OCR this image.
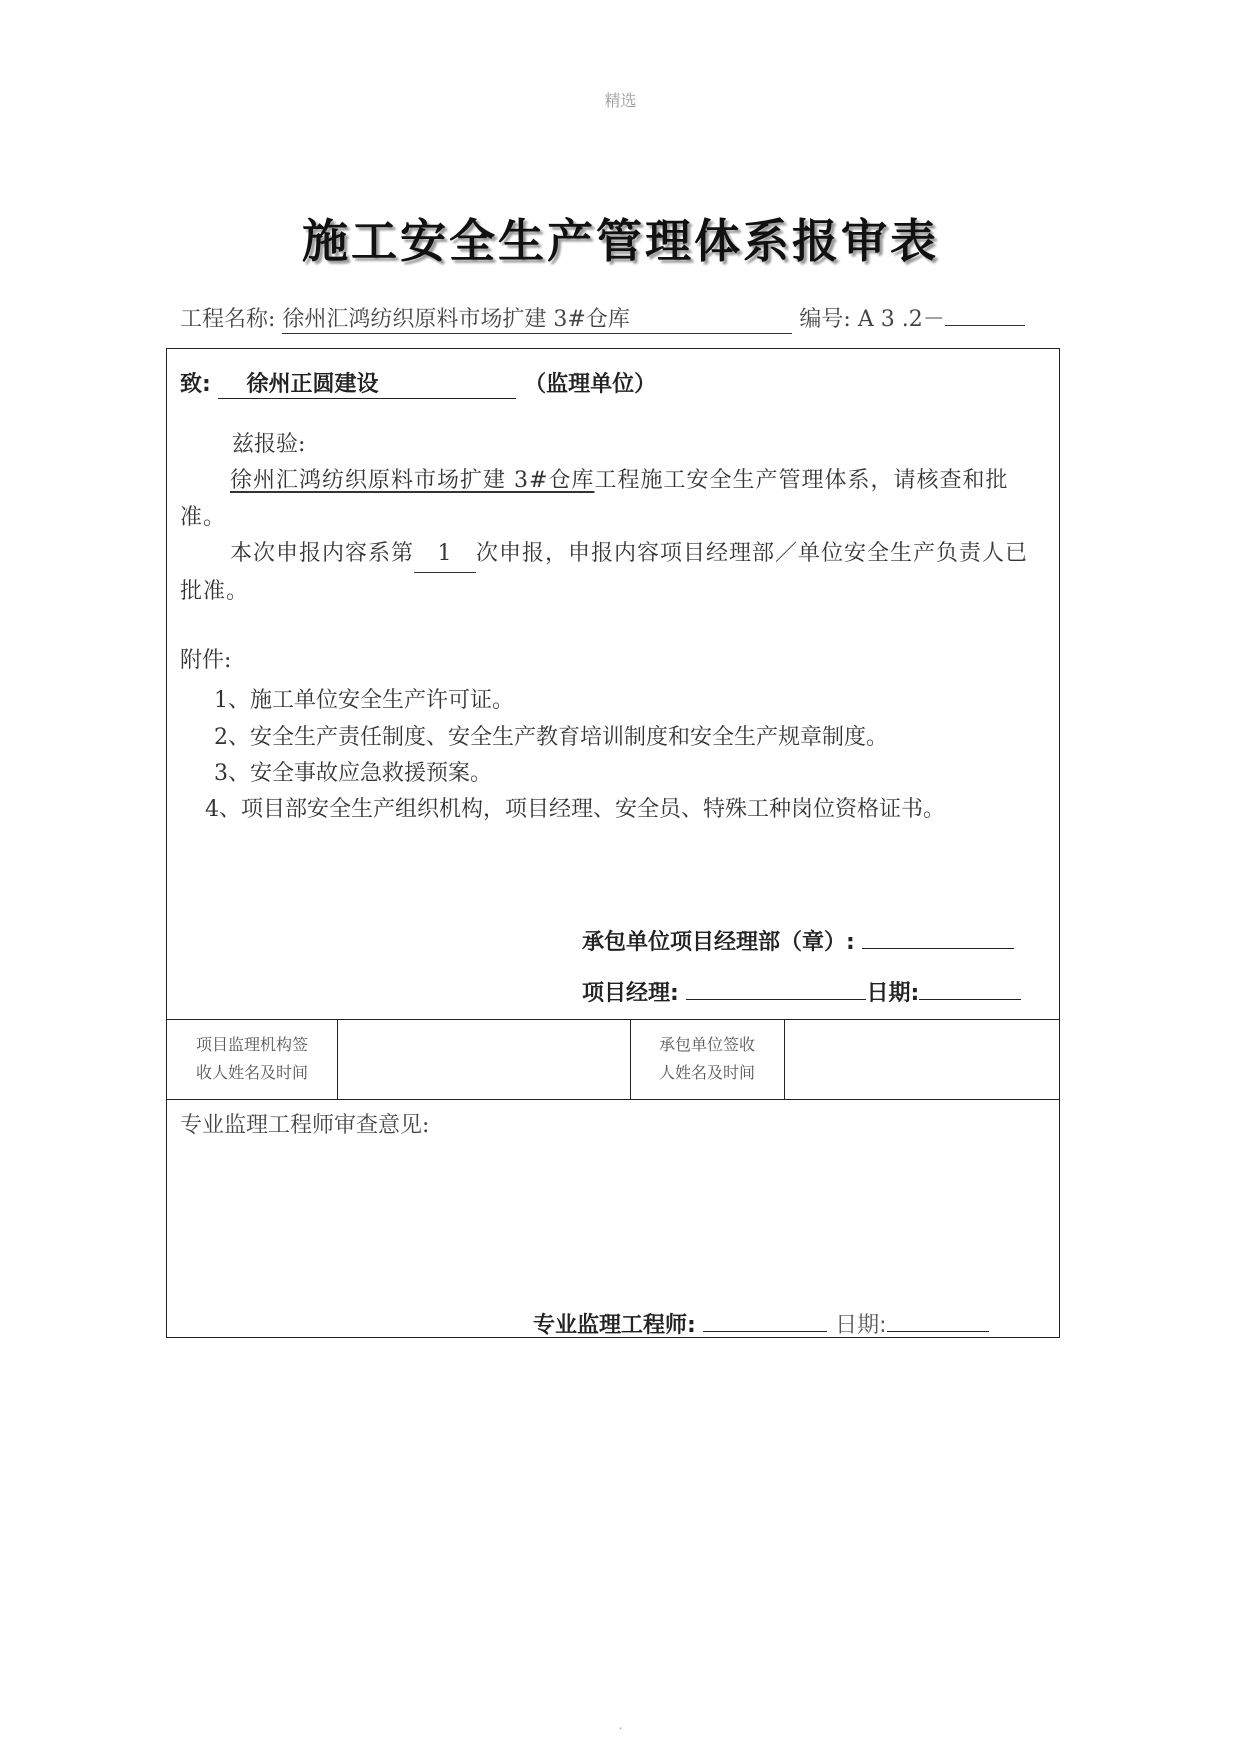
精选
施工安全生产管理体系报审表
工程名称: 徐州汇鸿纺织原料市场扩建 3#仓库	编号: A 3 .2－
致: 徐州正圆建设	（监理单位）
兹报验:
徐州汇鸿纺织原料市场扩建 3#仓库工程施工安全生产管理体系，请核查和批准。
本次申报内容系第 1 次申报，申报内容项目经理部／单位安全生产负责人已批准。
附件:
1、施工单位安全生产许可证。
2、安全生产责任制度、安全生产教育培训制度和安全生产规章制度。
3、安全事故应急救援预案。
4、项目部安全生产组织机构，项目经理、安全员、特殊工种岗位资格证书。
承包单位项目经理部（章）:
项目经理:	日期:
项目监理机构签
收人姓名及时间
承包单位签收
人姓名及时间
专业监理工程师审查意见:
专业监理工程师:	日期:
.
